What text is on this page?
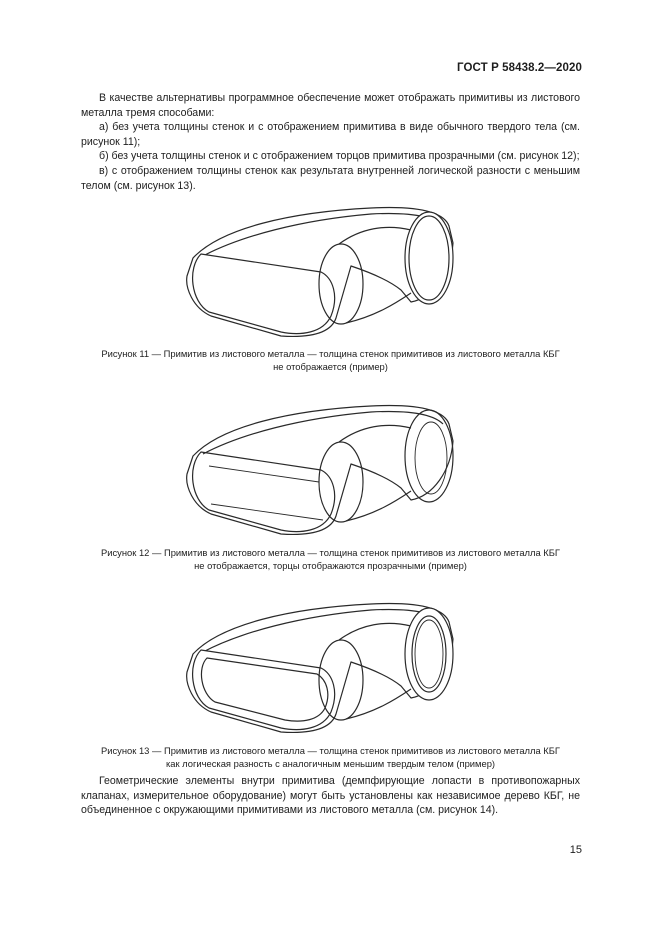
ГОСТ Р 58438.2—2020

В качестве альтернативы программное обеспечение может отображать примитивы из листового металла тремя способами:

а) без учета толщины стенок и с отображением примитива в виде обычного твердого тела (см. рисунок 11);

б) без учета толщины стенок и с отображением торцов примитива прозрачными (см. рисунок 12);

в) с отображением толщины стенок как результата внутренней логической разности с меньшим телом (см. рисунок 13).

Рисунок 11 — Примитив из листового металла — толщина стенок примитивов из листового металла КБГ
не отображается (пример)
Рисунок 12 — Примитив из листового металла — толщина стенок примитивов из листового металла КБГ
не отображается, торцы отображаются прозрачными (пример)
Рисунок 13 — Примитив из листового металла — толщина стенок примитивов из листового металла КБГ
как логическая разность с аналогичным меньшим твердым телом (пример)

Геометрические элементы внутри примитива (демпфирующие лопасти в противопожарных клапанах, измерительное оборудование) могут быть установлены как независимое дерево КБГ, не объединенное с окружающими примитивами из листового металла (см. рисунок 14).

15
